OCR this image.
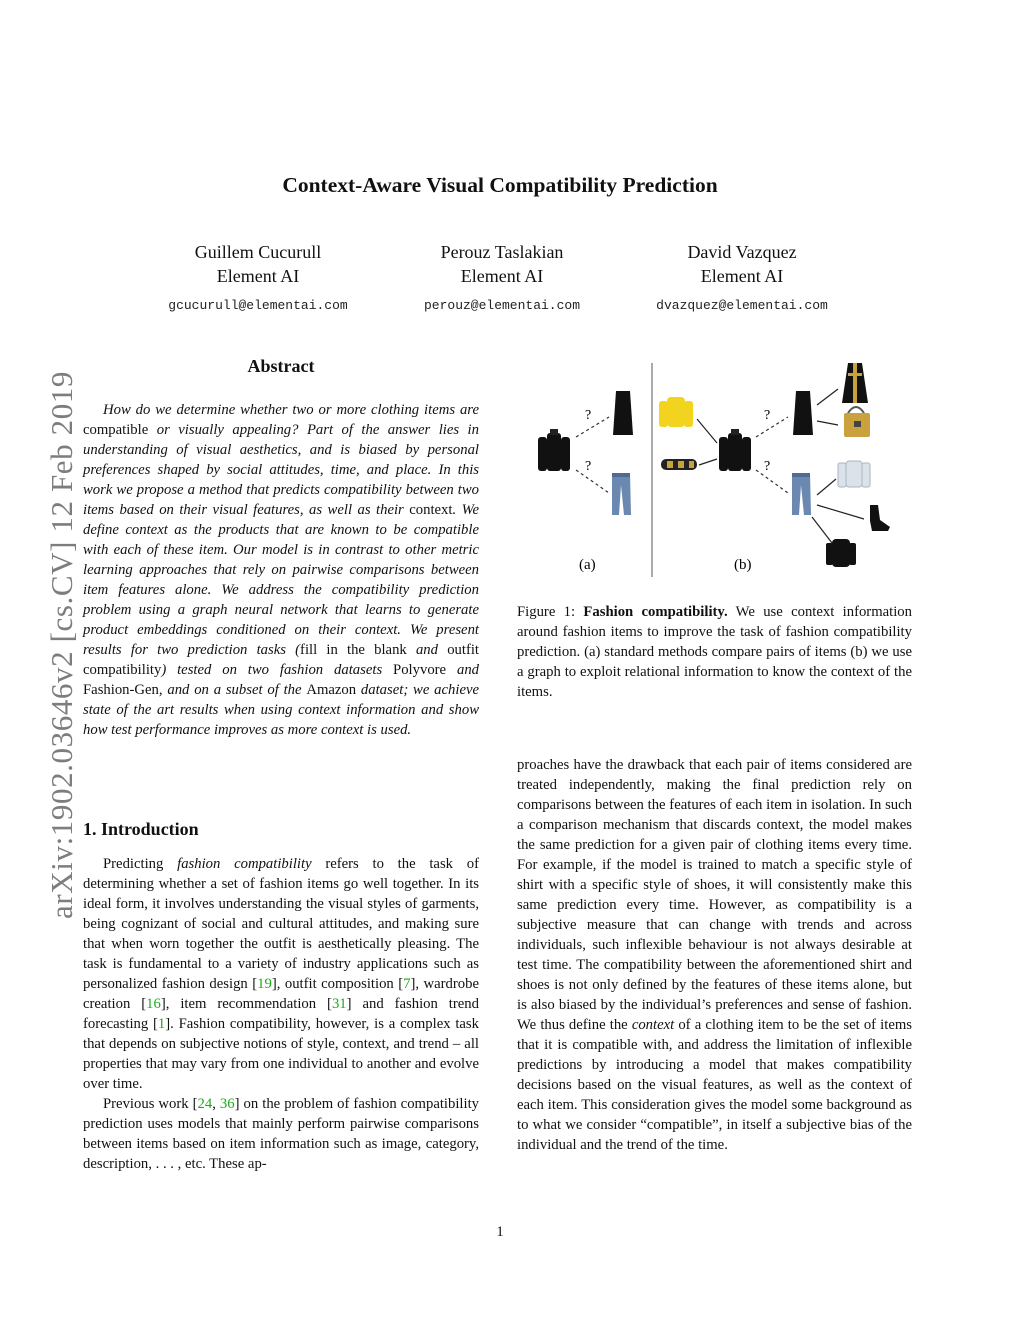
arXiv:1902.03646v2 [cs.CV] 12 Feb 2019
Context-Aware Visual Compatibility Prediction
Guillem Cucurull
Element AI
gcucurull@elementai.com
Perouz Taslakian
Element AI
perouz@elementai.com
David Vazquez
Element AI
dvazquez@elementai.com
Abstract

How do we determine whether two or more clothing items are compatible or visually appealing? Part of the answer lies in understanding of visual aesthetics, and is biased by personal preferences shaped by social attitudes, time, and place. In this work we propose a method that predicts compatibility between two items based on their visual features, as well as their context. We define context as the products that are known to be compatible with each of these item. Our model is in contrast to other metric learning approaches that rely on pairwise comparisons between item features alone. We address the compatibility prediction problem using a graph neural network that learns to generate product embeddings conditioned on their context. We present results for two prediction tasks (fill in the blank and outfit compatibility) tested on two fashion datasets Polyvore and Fashion-Gen, and on a subset of the Amazon dataset; we achieve state of the art results when using context information and show how test performance improves as more context is used.

1. Introduction

Predicting fashion compatibility refers to the task of determining whether a set of fashion items go well together. In its ideal form, it involves understanding the visual styles of garments, being cognizant of social and cultural attitudes, and making sure that when worn together the outfit is aesthetically pleasing. The task is fundamental to a variety of industry applications such as personalized fashion design [19], outfit composition [7], wardrobe creation [16], item recommendation [31] and fashion trend forecasting [1]. Fashion compatibility, however, is a complex task that depends on subjective notions of style, context, and trend – all properties that may vary from one individual to another and evolve over time.

Previous work [24, 36] on the problem of fashion compatibility prediction uses models that mainly perform pairwise comparisons between items based on item information such as image, category, description, . . . , etc. These ap-

?
?
(a)
?
?
(b)
Figure 1: Fashion compatibility. We use context information around fashion items to improve the task of fashion compatibility prediction. (a) standard methods compare pairs of items (b) we use a graph to exploit relational information to know the context of the items.

proaches have the drawback that each pair of items considered are treated independently, making the final prediction rely on comparisons between the features of each item in isolation. In such a comparison mechanism that discards context, the model makes the same prediction for a given pair of clothing items every time. For example, if the model is trained to match a specific style of shirt with a specific style of shoes, it will consistently make this same prediction every time. However, as compatibility is a subjective measure that can change with trends and across individuals, such inflexible behaviour is not always desirable at test time. The compatibility between the aforementioned shirt and shoes is not only defined by the features of these items alone, but is also biased by the individual’s preferences and sense of fashion. We thus define the context of a clothing item to be the set of items that it is compatible with, and address the limitation of inflexible predictions by introducing a model that makes compatibility decisions based on the visual features, as well as the context of each item. This consideration gives the model some background as to what we consider “compatible”, in itself a subjective bias of the individual and the trend of the time.

1
